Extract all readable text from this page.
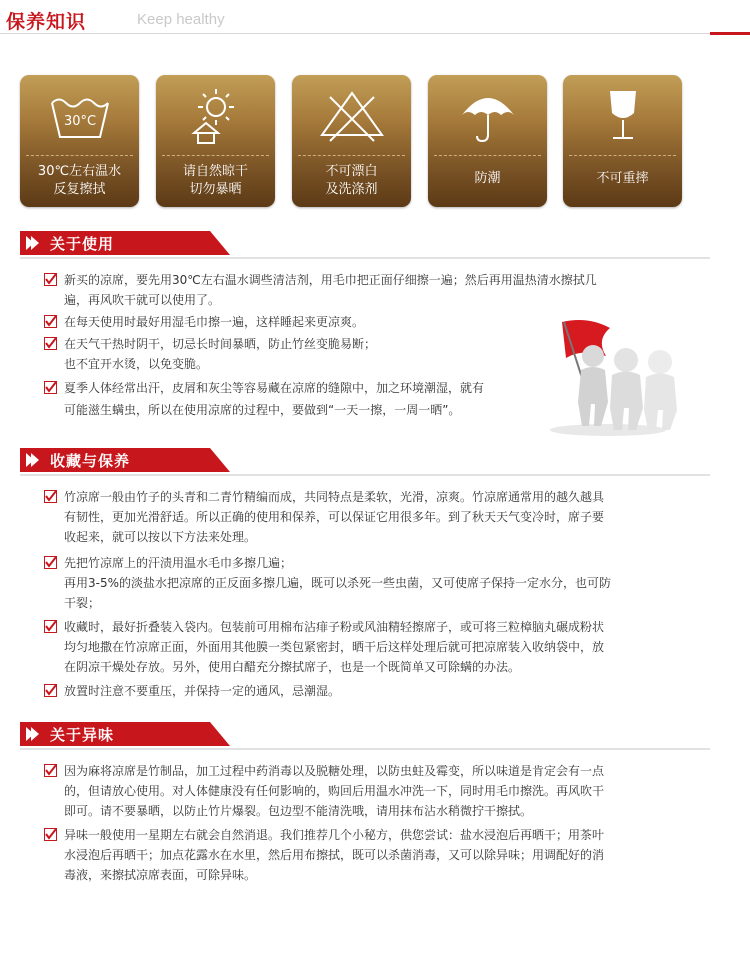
保养知识	Keep healthy
30°C
30℃左右温水
反复擦拭
请自然晾干
切勿暴晒
不可漂白
及洗涤剂
防潮	不可重摔
关于使用

新买的凉席，要先用30℃左右温水调些清洁剂，用毛巾把正面仔细擦一遍；然后再用温热清水擦拭几

遍，再风吹干就可以使用了。

在每天使用时最好用湿毛巾擦一遍，这样睡起来更凉爽。

在天气干热时阴干，切忌长时间暴晒，防止竹丝变脆易断；

也不宜开水烫，以免变脆。

夏季人体经常出汗，皮屑和灰尘等容易藏在凉席的缝隙中，加之环境潮湿，就有

可能滋生螨虫，所以在使用凉席的过程中，要做到“一天一擦，一周一晒”。

收藏与保养

竹凉席一般由竹子的头青和二青竹精编而成，共同特点是柔软，光滑，凉爽。竹凉席通常用的越久越具

有韧性，更加光滑舒适。所以正确的使用和保养，可以保证它用很多年。到了秋天天气变冷时，席子要

收起来，就可以按以下方法来处理。

先把竹凉席上的汗渍用温水毛巾多擦几遍；

再用3-5%的淡盐水把凉席的正反面多擦几遍，既可以杀死一些虫菌，又可使席子保持一定水分，也可防

干裂；

收藏时，最好折叠装入袋内。包装前可用棉布沾痱子粉或风油精轻擦席子，或可将三粒樟脑丸碾成粉状

均匀地撒在竹凉席正面，外面用其他膜一类包紧密封，晒干后这样处理后就可把凉席装入收纳袋中，放

在阴凉干燥处存放。另外，使用白醋充分擦拭席子，也是一个既简单又可除螨的办法。

放置时注意不要重压，并保持一定的通风，忌潮湿。

关于异味

因为麻将凉席是竹制品，加工过程中药消毒以及脱糖处理，以防虫蛀及霉变，所以味道是肯定会有一点

的，但请放心使用。对人体健康没有任何影响的，购回后用温水冲洗一下，同时用毛巾擦洗。再风吹干

即可。请不要暴晒，以防止竹片爆裂。包边型不能清洗哦，请用抹布沾水稍微拧干擦拭。

异味一般使用一星期左右就会自然消退。我们推荐几个小秘方，供您尝试：盐水浸泡后再晒干；用茶叶

水浸泡后再晒干；加点花露水在水里，然后用布擦拭，既可以杀菌消毒，又可以除异味；用调配好的消

毒液，来擦拭凉席表面，可除异味。
